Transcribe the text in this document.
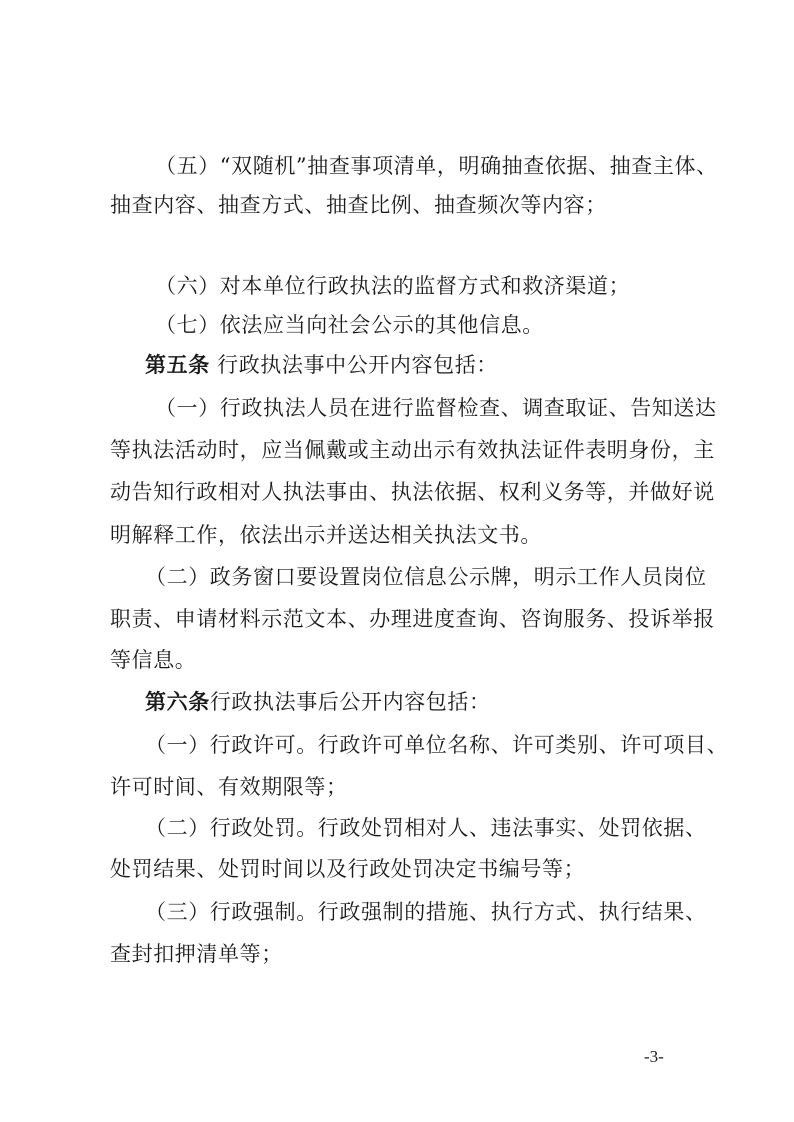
（五）“双随机”抽查事项清单，明确抽查依据、抽查主体、
抽查内容、抽查方式、抽查比例、抽查频次等内容；
（六）对本单位行政执法的监督方式和救济渠道；
（七）依法应当向社会公示的其他信息。
第五条 行政执法事中公开内容包括：
（一）行政执法人员在进行监督检查、调查取证、告知送达
等执法活动时，应当佩戴或主动出示有效执法证件表明身份，主
动告知行政相对人执法事由、执法依据、权利义务等，并做好说
明解释工作，依法出示并送达相关执法文书。
（二）政务窗口要设置岗位信息公示牌，明示工作人员岗位
职责、申请材料示范文本、办理进度查询、咨询服务、投诉举报
等信息。
第六条行政执法事后公开内容包括：
（一）行政许可。行政许可单位名称、许可类别、许可项目、
许可时间、有效期限等；
（二）行政处罚。行政处罚相对人、违法事实、处罚依据、
处罚结果、处罚时间以及行政处罚决定书编号等；
（三）行政强制。行政强制的措施、执行方式、执行结果、
查封扣押清单等；
-3-
